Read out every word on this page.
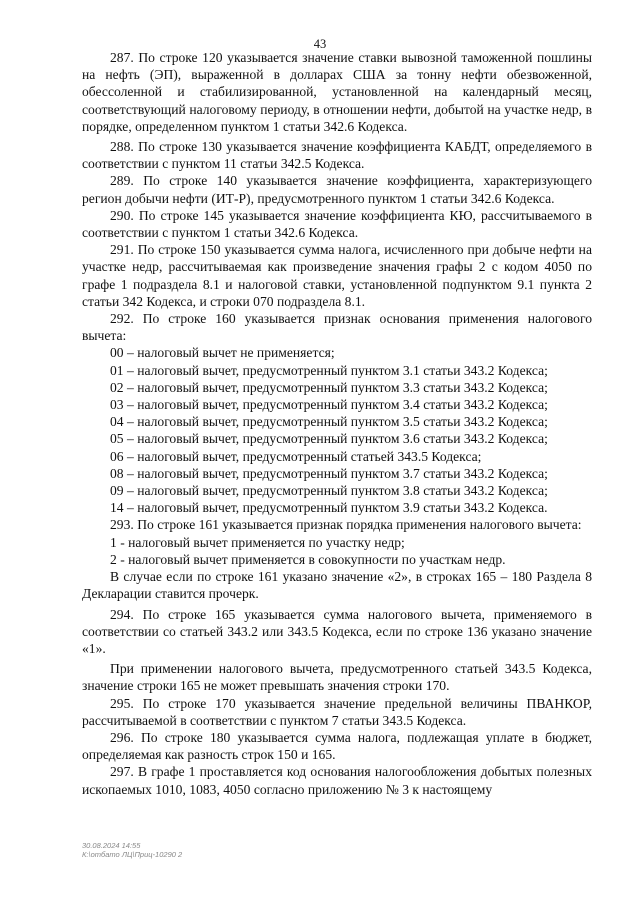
43

287. По строке 120 указывается значение ставки вывозной таможенной пошлины на нефть (ЭП), выраженной в долларах США за тонну нефти обезвоженной, обессоленной и стабилизированной, установленной на календарный месяц, соответствующий налоговому периоду, в отношении нефти, добытой на участке недр, в порядке, определенном пунктом 1 статьи 342.6 Кодекса.

288. По строке 130 указывается значение коэффициента КАБДТ, определяемого в соответствии с пунктом 11 статьи 342.5 Кодекса.

289. По строке 140 указывается значение коэффициента, характеризующего регион добычи нефти (ИТ-Р), предусмотренного пунктом 1 статьи 342.6 Кодекса.

290. По строке 145 указывается значение коэффициента КЮ, рассчитываемого в соответствии с пунктом 1 статьи 342.6 Кодекса.

291. По строке 150 указывается сумма налога, исчисленного при добыче нефти на участке недр, рассчитываемая как произведение значения графы 2 с кодом 4050 по графе 1 подраздела 8.1 и налоговой ставки, установленной подпунктом 9.1 пункта 2 статьи 342 Кодекса, и строки 070 подраздела 8.1.

292. По строке 160 указывается признак основания применения налогового вычета:

00 – налоговый вычет не применяется;

01 – налоговый вычет, предусмотренный пунктом 3.1 статьи 343.2 Кодекса;

02 – налоговый вычет, предусмотренный пунктом 3.3 статьи 343.2 Кодекса;

03 – налоговый вычет, предусмотренный пунктом 3.4 статьи 343.2 Кодекса;

04 – налоговый вычет, предусмотренный пунктом 3.5 статьи 343.2 Кодекса;

05 – налоговый вычет, предусмотренный пунктом 3.6 статьи 343.2 Кодекса;

06 – налоговый вычет, предусмотренный статьей 343.5 Кодекса;

08 – налоговый вычет, предусмотренный пунктом 3.7 статьи 343.2 Кодекса;

09 – налоговый вычет, предусмотренный пунктом 3.8 статьи 343.2 Кодекса;

14 – налоговый вычет, предусмотренный пунктом 3.9 статьи 343.2 Кодекса.

293. По строке 161 указывается признак порядка применения налогового вычета:

1 - налоговый вычет применяется по участку недр;

2 - налоговый вычет применяется в совокупности по участкам недр.

В случае если по строке 161 указано значение «2», в строках 165 – 180 Раздела 8 Декларации ставится прочерк.

294. По строке 165 указывается сумма налогового вычета, применяемого в соответствии со статьей 343.2 или 343.5 Кодекса, если по строке 136 указано значение «1».

При применении налогового вычета, предусмотренного статьей 343.5 Кодекса, значение строки 165 не может превышать значения строки 170.

295. По строке 170 указывается значение предельной величины ПВАНКОР, рассчитываемой в соответствии с пунктом 7 статьи 343.5 Кодекса.

296. По строке 180 указывается сумма налога, подлежащая уплате в бюджет, определяемая как разность строк 150 и 165.

297. В графе 1 проставляется код основания налогообложения добытых полезных ископаемых 1010, 1083, 4050 согласно приложению № 3 к настоящему

30.08.2024 14:55
К:\отбато ЛЦ\Приц-10290 2
